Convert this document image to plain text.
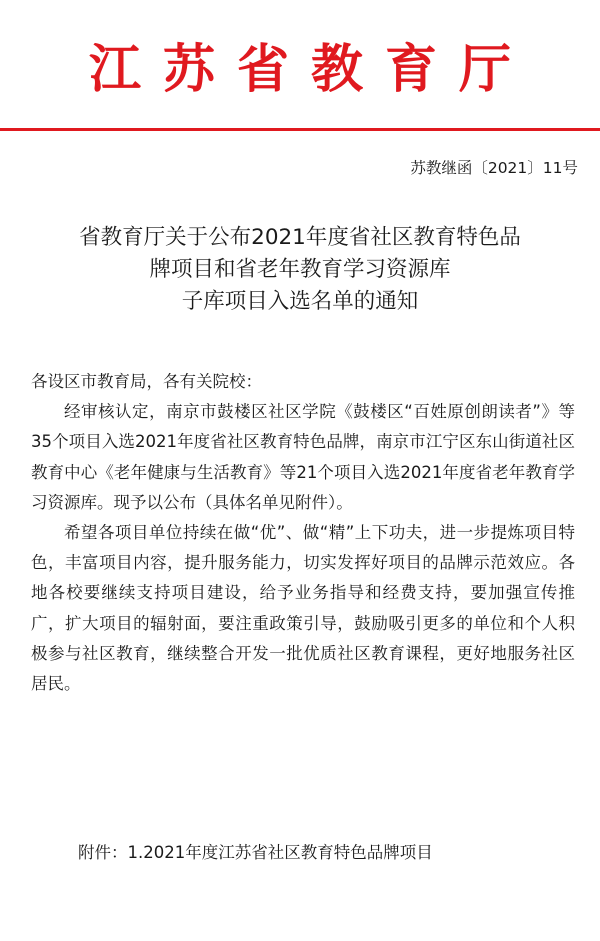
江苏省教育厅
苏教继函〔2021〕11号
省教育厅关于公布2021年度省社区教育特色品
牌项目和省老年教育学习资源库
子库项目入选名单的通知

各设区市教育局，各有关院校：

经审核认定，南京市鼓楼区社区学院《鼓楼区“百姓原创朗读者”》等35个项目入选2021年度省社区教育特色品牌，南京市江宁区东山街道社区教育中心《老年健康与生活教育》等21个项目入选2021年度省老年教育学习资源库。现予以公布（具体名单见附件）。

希望各项目单位持续在做“优”、做“精”上下功夫，进一步提炼项目特色，丰富项目内容，提升服务能力，切实发挥好项目的品牌示范效应。各地各校要继续支持项目建设，给予业务指导和经费支持，要加强宣传推广，扩大项目的辐射面，要注重政策引导，鼓励吸引更多的单位和个人积极参与社区教育，继续整合开发一批优质社区教育课程，更好地服务社区居民。

附件：1.2021年度江苏省社区教育特色品牌项目
